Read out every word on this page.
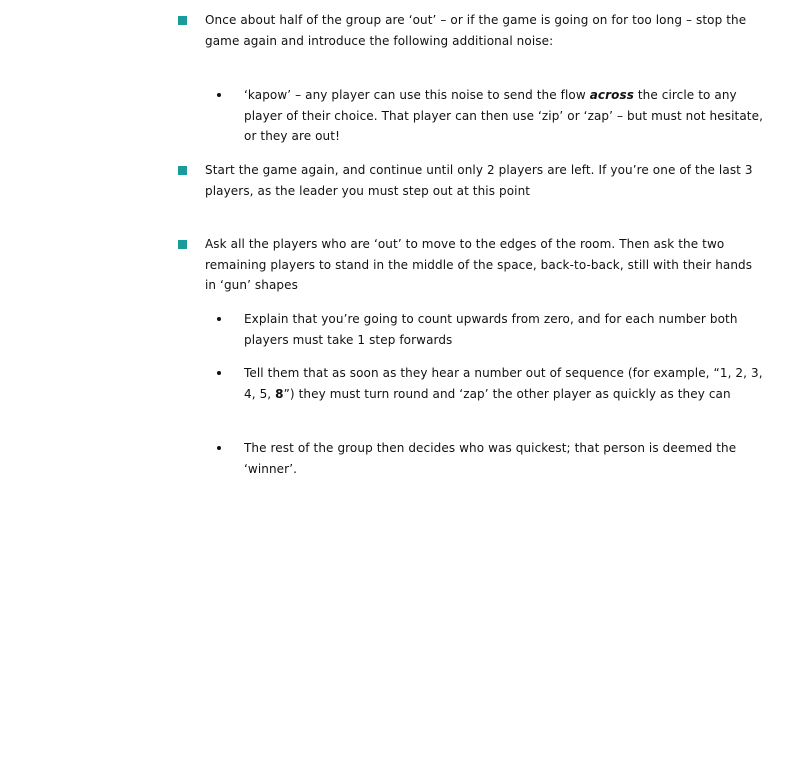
Once about half of the group are ‘out’ – or if the game is going on for too long – stop the game again and introduce the following additional noise:
‘kapow’ – any player can use this noise to send the flow across the circle to any player of their choice. That player can then use ‘zip’ or ‘zap’ – but must not hesitate, or they are out!
Start the game again, and continue until only 2 players are left. If you’re one of the last 3 players, as the leader you must step out at this point
Ask all the players who are ‘out’ to move to the edges of the room. Then ask the two remaining players to stand in the middle of the space, back-to-back, still with their hands in ‘gun’ shapes
Explain that you’re going to count upwards from zero, and for each number both players must take 1 step forwards
Tell them that as soon as they hear a number out of sequence (for example, “1, 2, 3, 4, 5, 8”) they must turn round and ‘zap’ the other player as quickly as they can
The rest of the group then decides who was quickest; that person is deemed the ‘winner’.
